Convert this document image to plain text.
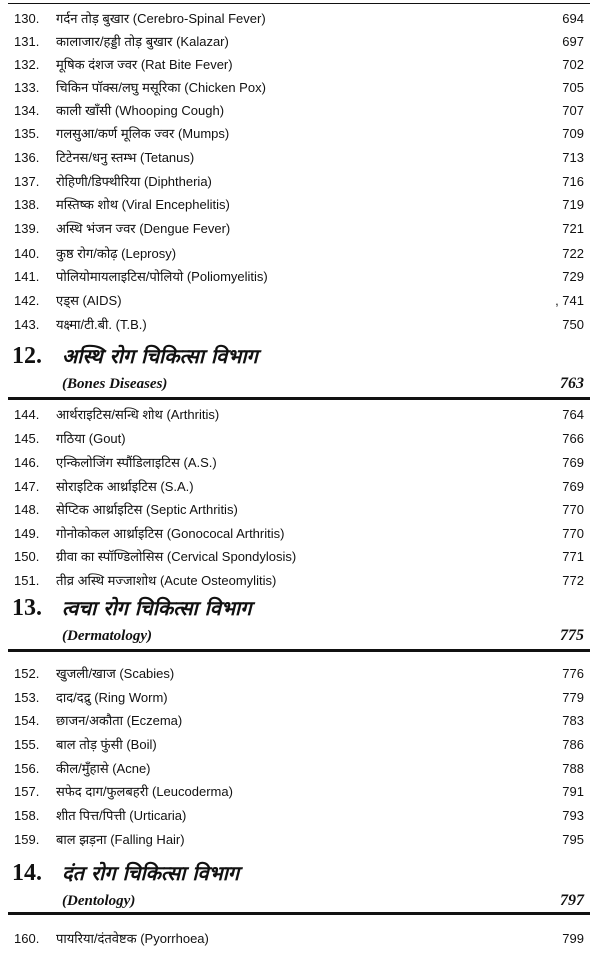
130.	गर्दन तोड़ बुखार (Cerebro-Spinal Fever)	694
131.	कालाजार/हड्डी तोड़ बुखार (Kalazar)	697
132.	मूषिक दंशज ज्वर (Rat Bite Fever)	702
133.	चिकिन पॉक्स/लघु मसूरिका (Chicken Pox)	705
134.	काली खाँसी (Whooping Cough)	707
135.	गलसुआ/कर्ण मूलिक ज्वर (Mumps)	709
136.	टिटेनस/धनु स्तम्भ (Tetanus)	713
137.	रोहिणी/डिफ्थीरिया (Diphtheria)	716
138.	मस्तिष्क शोथ (Viral Encephelitis)	719
139.	अस्थि भंजन ज्वर (Dengue Fever)	721
140.	कुष्ठ रोग/कोढ़ (Leprosy)	722
141.	पोलियोमायलाइटिस/पोलियो (Poliomyelitis)	729
142.	एड्स (AIDS)	, 741
143.	यक्ष्मा/टी.बी. (T.B.)	750
12. अस्थि रोग चिकित्सा विभाग
(Bones Diseases)	763
144.	आर्थराइटिस/सन्धि शोथ (Arthritis)	764
145.	गठिया (Gout)	766
146.	एन्किलोजिंग स्पौंडिलाइटिस (A.S.)	769
147.	सोराइटिक आर्थ्राइटिस (S.A.)	769
148.	सेप्टिक आर्थ्राइटिस (Septic Arthritis)	770
149.	गोनोकोकल आर्थ्राइटिस (Gonococal Arthritis)	770
150.	ग्रीवा का स्पॉण्डिलोसिस (Cervical Spondylosis)	771
151.	तीव्र अस्थि मज्जाशोथ (Acute Osteomylitis)	772
13. त्वचा रोग चिकित्सा विभाग
(Dermatology)	775
152.	खुजली/खाज (Scabies)	776
153.	दाद/दद्रु (Ring Worm)	779
154.	छाजन/अकौता (Eczema)	783
155.	बाल तोड़ फुंसी (Boil)	786
156.	कील/मुँहासे (Acne)	788
157.	सफेद दाग/फुलबहरी (Leucoderma)	791
158.	शीत पित्त/पित्ती (Urticaria)	793
159.	बाल झड़ना (Falling Hair)	795
14. दंत रोग चिकित्सा विभाग
(Dentology)	797
160.	पायरिया/दंतवेष्टक (Pyorrhoea)	799
